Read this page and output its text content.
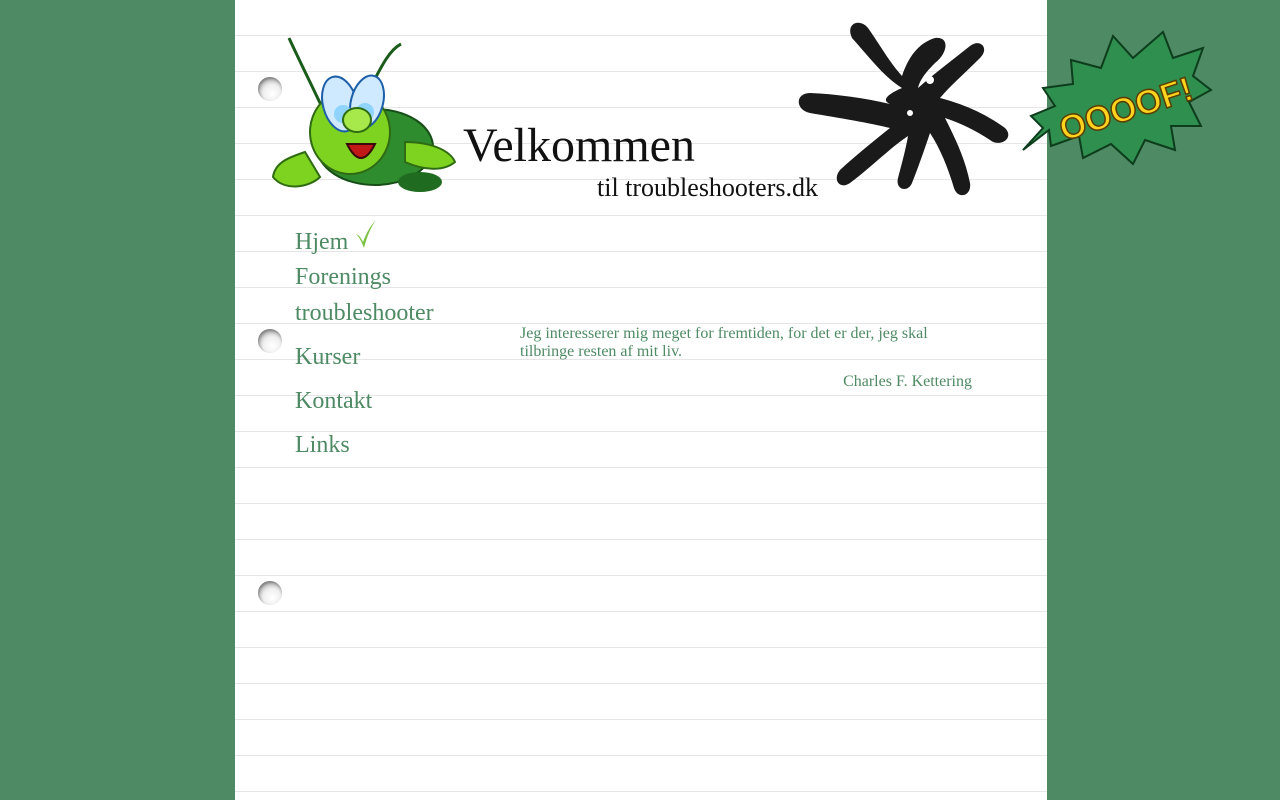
OOOOF!
Velkommen

til troubleshooters.dk

Hjem
Forenings
troubleshooter
Kurser
Kontakt
Links

Jeg interesserer mig meget for fremtiden, for det er der, jeg skal tilbringe resten af mit liv.

Charles F. Kettering
